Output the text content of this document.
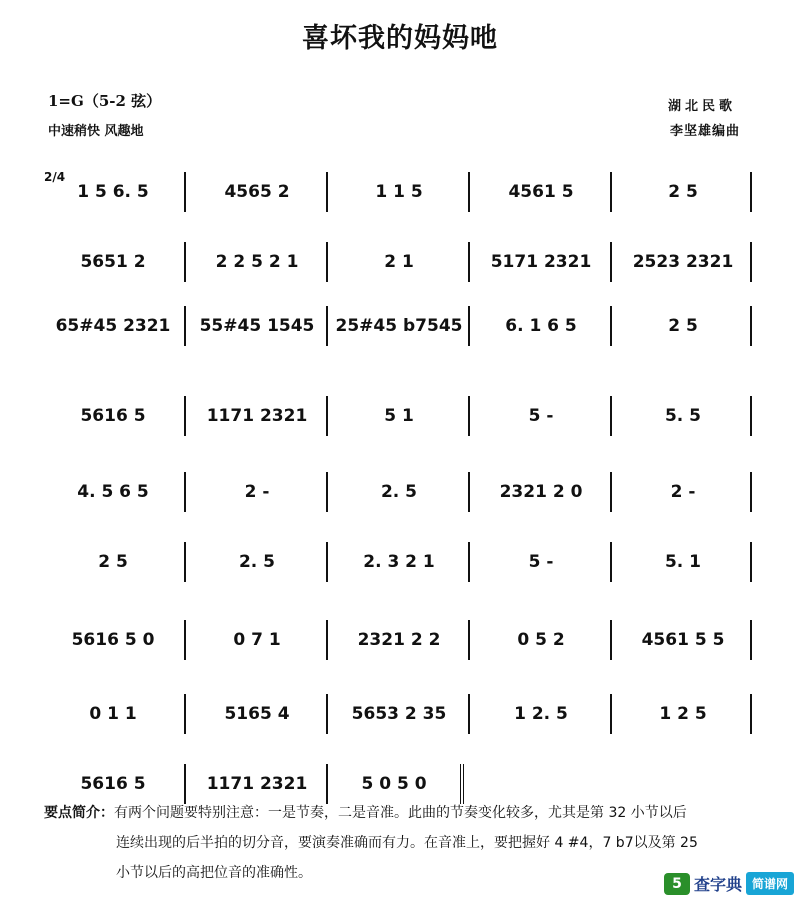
喜坏我的妈妈吔
1=G（5-2 弦）
中速稍快 风趣地
湖北民歌
李坚雄编曲
2/4
1 5 6. 5	4565 2	1 1 5	4561 5	2 5
5651 2	2 2 5 2 1	2 1	5171 2321	2523 2321
65#45 2321	55#45 1545	25#45 b7545	6. 1 6 5	2 5
5616 5	1171 2321	5 1	5 -	5. 5
4. 5 6 5	2 -	2. 5	2321 2 0	2 -
2 5	2. 5	2. 3 2 1	5 -	5. 1
5616 5 0	0 7 1	2321 2 2	0 5 2	4561 5 5
0 1 1	5165 4	5653 2 35	1 2. 5	1 2 5
5616 5	1171 2321	5 0 5 0
要点简介：有两个问题要特别注意：一是节奏，二是音准。此曲的节奏变化较多，尤其是第 32 小节以后
连续出现的后半拍的切分音，要演奏准确而有力。在音准上，要把握好 4 #4，7 b7以及第 25
小节以后的高把位音的准确性。
5 查字典 简谱网
